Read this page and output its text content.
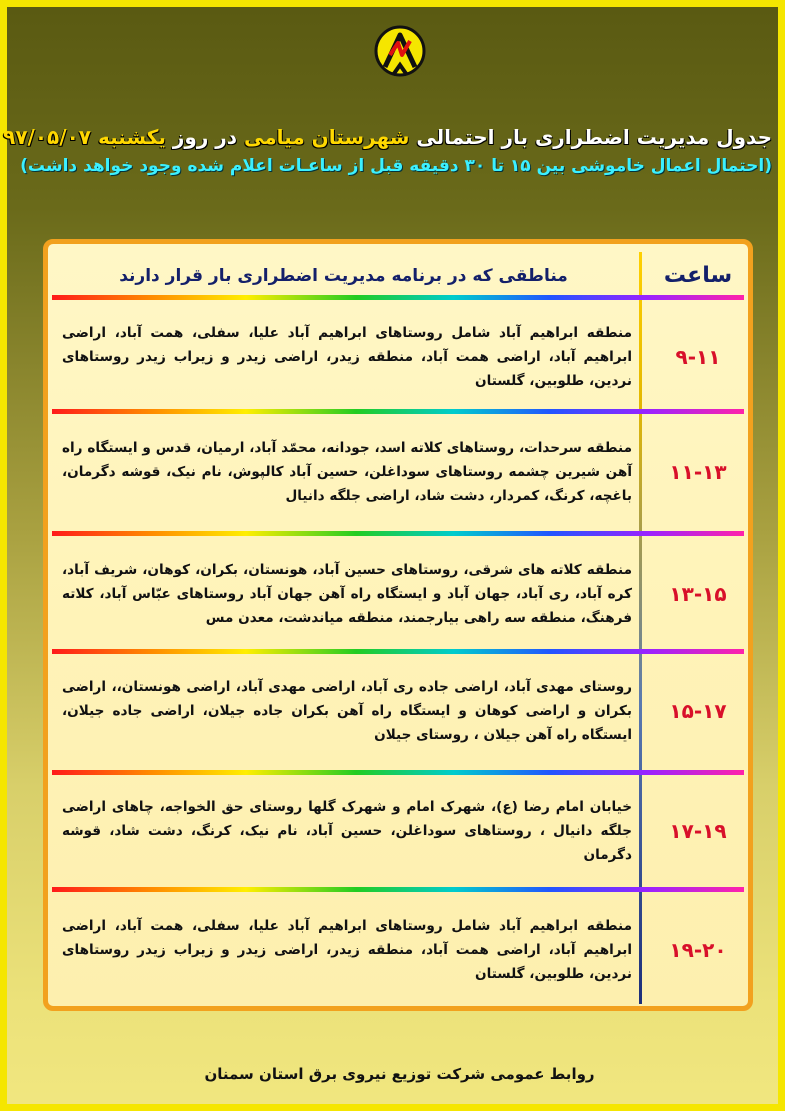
جدول مدیریت اضطراری بار احتمالی شهرستان میامی در روز یکشنبه ۹۷/۰۵/۰۷
(احتمال اعمال خاموشی بین ۱۵ تا ۳۰ دقیقه قبل از ساعـات اعلام شده وجود خواهد داشت)
ساعت
مناطقی که در برنامه مدیریت اضطراری بار قرار دارند
منطقه ابراهیم آباد شامل روستاهای ابراهیم آباد علیا، سفلی، همت آباد، اراضی ابراهیم آباد، اراضی همت آباد، منطقه زیدر، اراضی زیدر و زیراب زیدر روستاهای نردین، طلوبین، گلستان
۹-۱۱
منطقه سرحدات، روستاهای کلاته اسد، جودانه، محمّد آباد، ارمیان، قدس و ایستگاه راه آهن شیرین چشمه روستاهای سوداغلن، حسین آباد کالپوش، نام نیک، قوشه دگرمان، باغچه، کرنگ، کمردار، دشت شاد، اراضی جلگه دانیال
۱۱-۱۳
منطقه کلاته های شرقی، روستاهای حسین آباد، هونستان، بکران، کوهان، شریف آباد، کره آباد، ری آباد، جهان آباد و ایستگاه راه آهن جهان آباد روستاهای عبّاس آباد، کلاته فرهنگ، منطقه سه راهی بیارجمند، منطقه میاندشت، معدن مس
۱۳-۱۵
روستای مهدی آباد، اراضی جاده ری آباد، اراضی مهدی آباد، اراضی هونستان،، اراضی بکران و اراضی کوهان و ایستگاه راه آهن بکران جاده جیلان، اراضی جاده جیلان، ایستگاه راه آهن جیلان ، روستای جیلان
۱۵-۱۷
خیابان امام رضا (ع)، شهرک امام و شهرک گلها روستای حق الخواجه، چاهای اراضی جلگه دانیال ، روستاهای سوداغلن، حسین آباد، نام نیک، کرنگ، دشت شاد، قوشه دگرمان
۱۷-۱۹
منطقه ابراهیم آباد شامل روستاهای ابراهیم آباد علیا، سفلی، همت آباد، اراضی ابراهیم آباد، اراضی همت آباد، منطقه زیدر، اراضی زیدر و زیراب زیدر روستاهای نردین، طلوبین، گلستان
۱۹-۲۰
روابط عمومی شرکت توزیع نیروی برق استان سمنان
